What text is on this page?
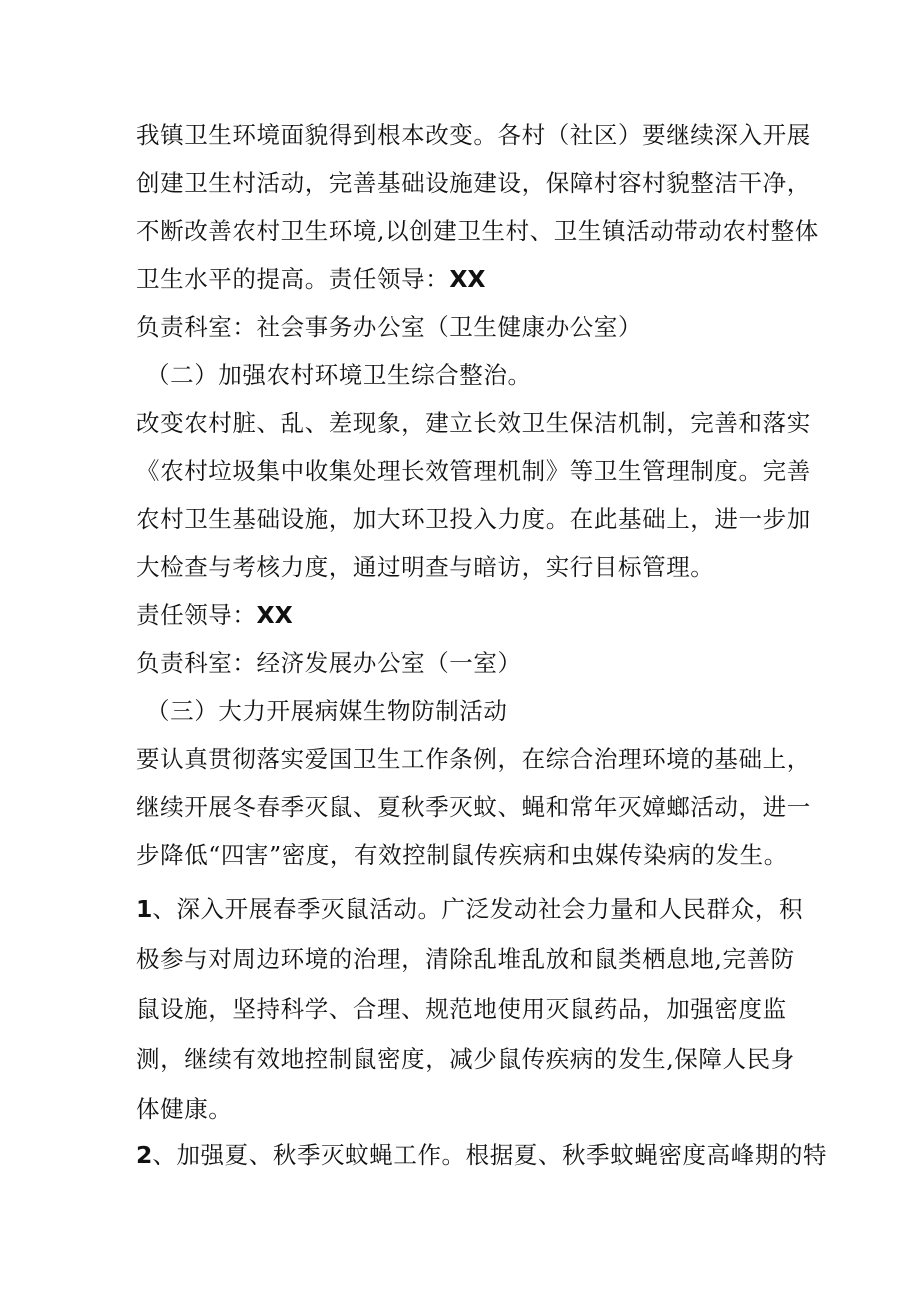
我镇卫生环境面貌得到根本改变。各村（社区）要继续深入开展
创建卫生村活动，完善基础设施建设，保障村容村貌整洁干净，
不断改善农村卫生环境,以创建卫生村、卫生镇活动带动农村整体
卫生水平的提高。责任领导：XX
负责科室：社会事务办公室（卫生健康办公室）
（二）加强农村环境卫生综合整治。
改变农村脏、乱、差现象，建立长效卫生保洁机制，完善和落实
《农村垃圾集中收集处理长效管理机制》等卫生管理制度。完善
农村卫生基础设施，加大环卫投入力度。在此基础上，进一步加
大检查与考核力度，通过明查与暗访，实行目标管理。
责任领导：XX
负责科室：经济发展办公室（一室）
（三）大力开展病媒生物防制活动
要认真贯彻落实爱国卫生工作条例，在综合治理环境的基础上，
继续开展冬春季灭鼠、夏秋季灭蚊、蝇和常年灭嫜螂活动，进一
步降低“四害”密度，有效控制鼠传疾病和虫媒传染病的发生。
1、深入开展春季灭鼠活动。广泛发动社会力量和人民群众，积
极参与对周边环境的治理，清除乱堆乱放和鼠类栖息地,完善防
鼠设施，坚持科学、合理、规范地使用灭鼠药品，加强密度监
测，继续有效地控制鼠密度，减少鼠传疾病的发生,保障人民身
体健康。
2、加强夏、秋季灭蚊蝇工作。根据夏、秋季蚊蝇密度高峰期的特
